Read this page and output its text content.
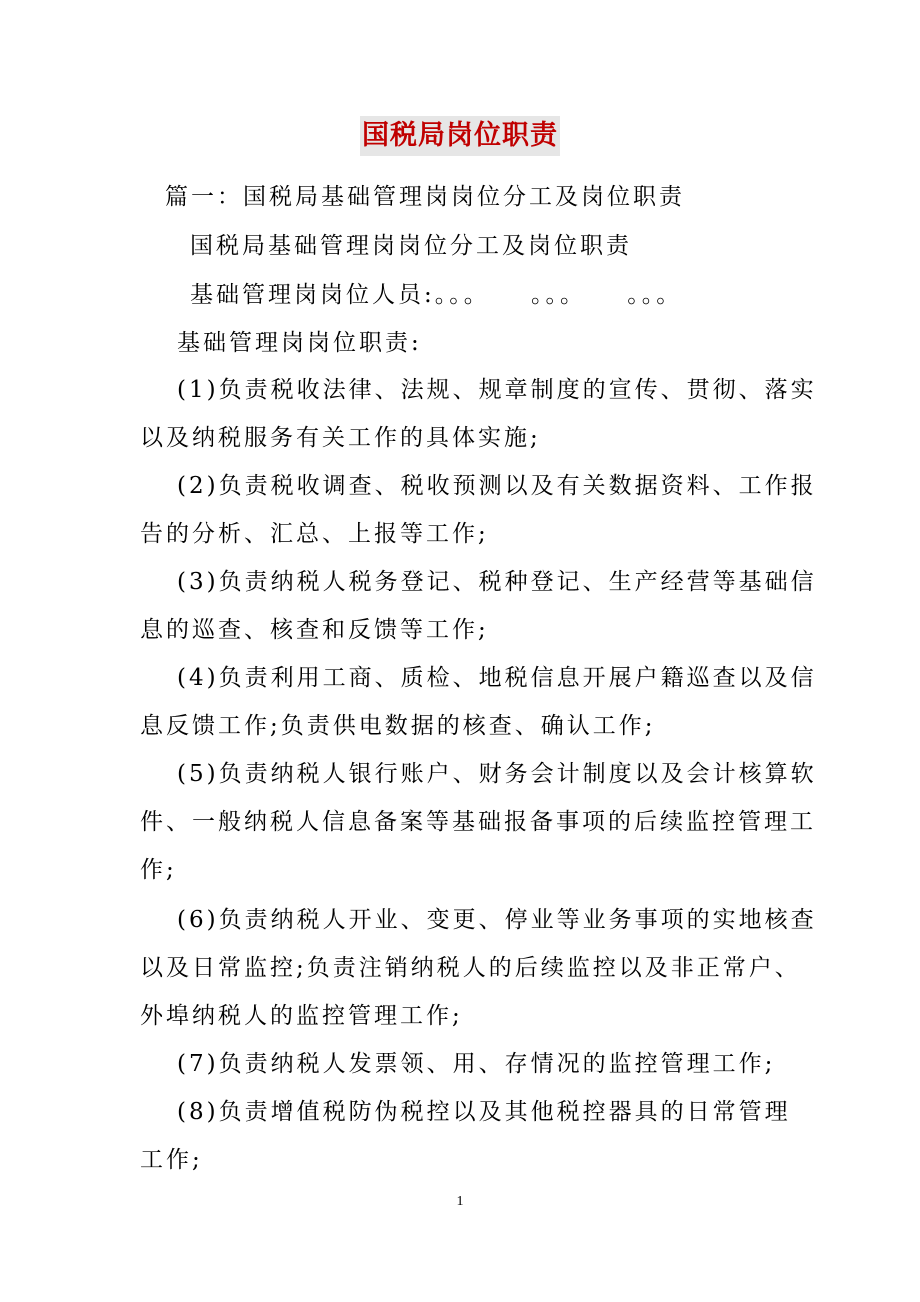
国税局岗位职责
篇一：国税局基础管理岗岗位分工及岗位职责
国税局基础管理岗岗位分工及岗位职责
基础管理岗岗位人员:。。。    。。。    。。。
基础管理岗岗位职责:
(1)负责税收法律、法规、规章制度的宣传、贯彻、落实
以及纳税服务有关工作的具体实施;
(2)负责税收调查、税收预测以及有关数据资料、工作报
告的分析、汇总、上报等工作;
(3)负责纳税人税务登记、税种登记、生产经营等基础信
息的巡查、核查和反馈等工作;
(4)负责利用工商、质检、地税信息开展户籍巡查以及信
息反馈工作;负责供电数据的核查、确认工作;
(5)负责纳税人银行账户、财务会计制度以及会计核算软
件、一般纳税人信息备案等基础报备事项的后续监控管理工
作;
(6)负责纳税人开业、变更、停业等业务事项的实地核查
以及日常监控;负责注销纳税人的后续监控以及非正常户、
外埠纳税人的监控管理工作;
(7)负责纳税人发票领、用、存情况的监控管理工作;
(8)负责增值税防伪税控以及其他税控器具的日常管理
工作;
1
